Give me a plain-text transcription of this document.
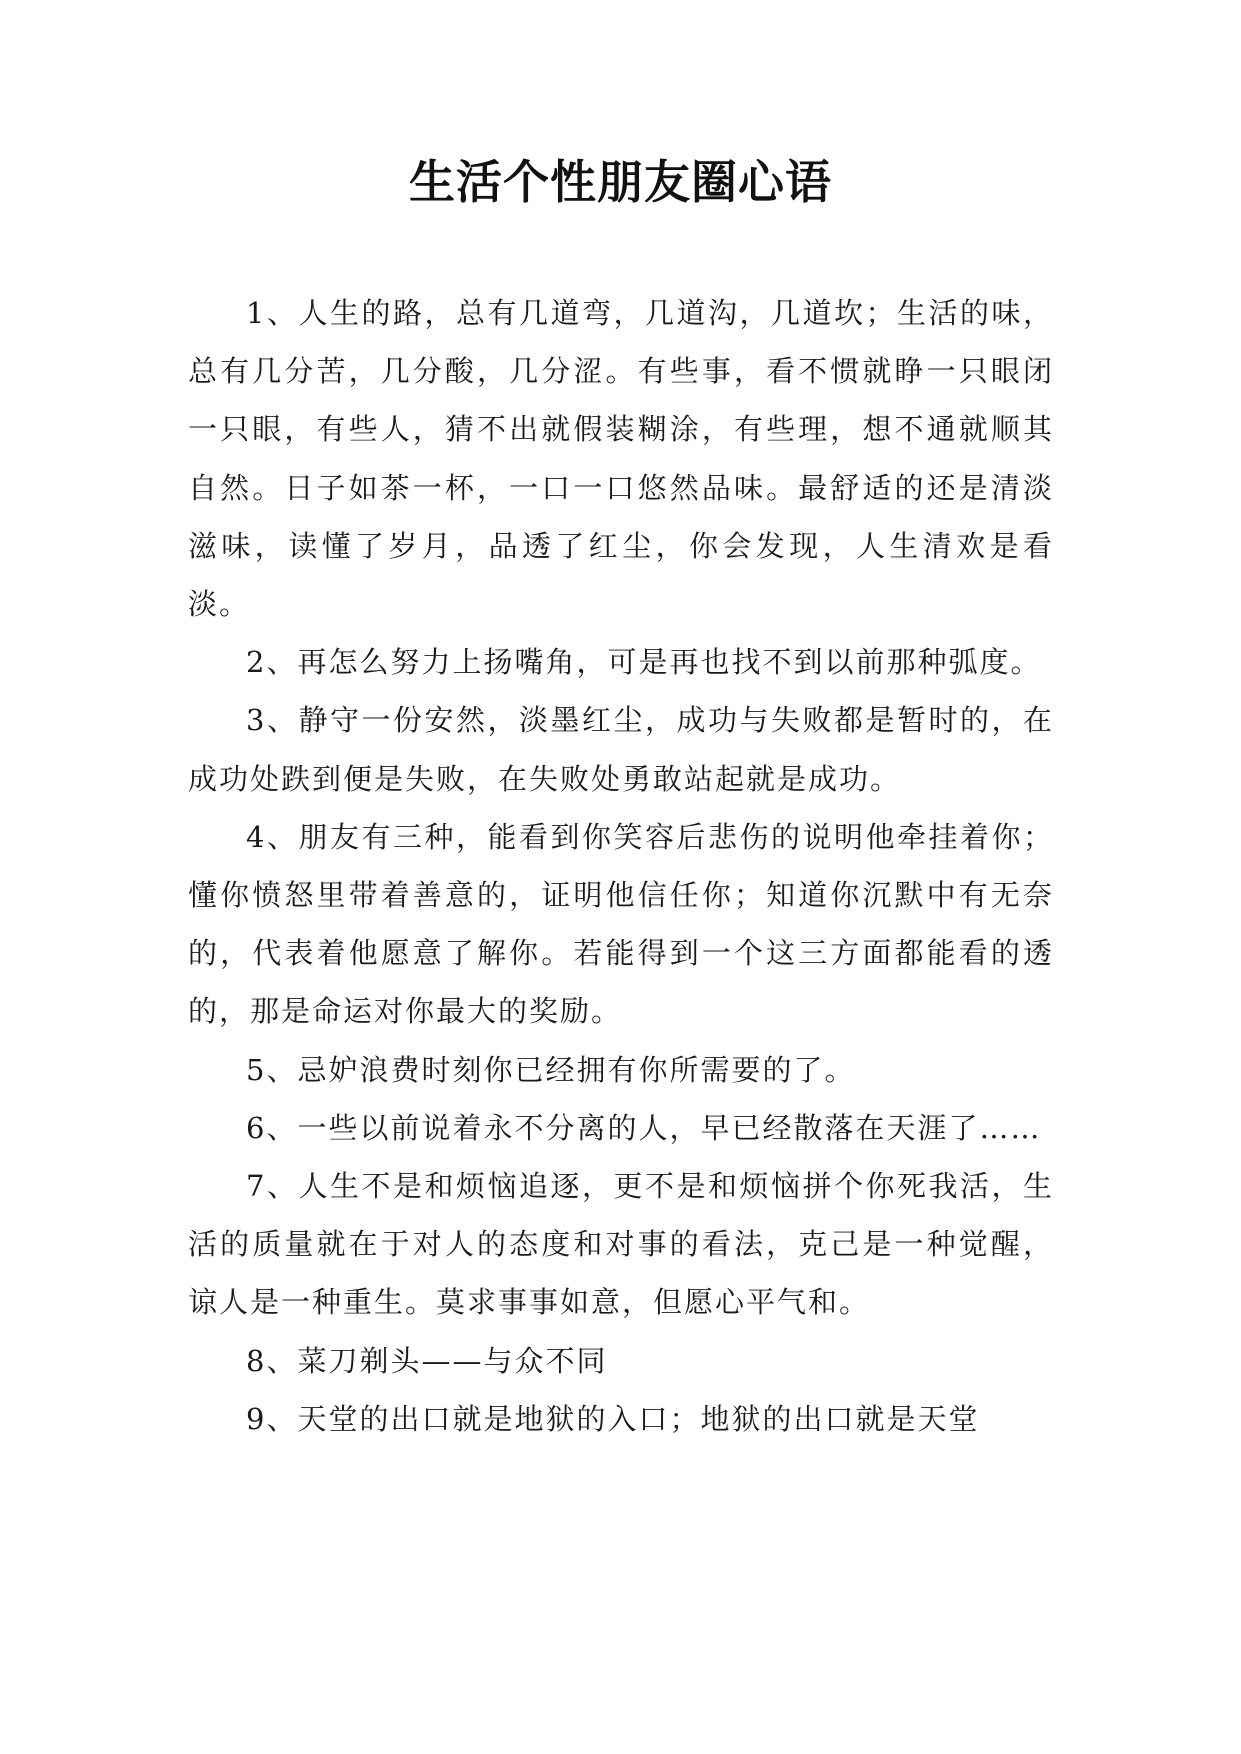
生活个性朋友圈心语

1、人生的路，总有几道弯，几道沟，几道坎；生活的味，总有几分苦，几分酸，几分涩。有些事，看不惯就睁一只眼闭一只眼，有些人，猜不出就假装糊涂，有些理，想不通就顺其自然。日子如茶一杯，一口一口悠然品味。最舒适的还是清淡滋味，读懂了岁月，品透了红尘，你会发现，人生清欢是看淡。

2、再怎么努力上扬嘴角，可是再也找不到以前那种弧度。

3、静守一份安然，淡墨红尘，成功与失败都是暂时的，在成功处跌到便是失败，在失败处勇敢站起就是成功。

4、朋友有三种，能看到你笑容后悲伤的说明他牵挂着你；懂你愤怒里带着善意的，证明他信任你；知道你沉默中有无奈的，代表着他愿意了解你。若能得到一个这三方面都能看的透的，那是命运对你最大的奖励。

5、忌妒浪费时刻你已经拥有你所需要的了。

6、一些以前说着永不分离的人，早已经散落在天涯了……

7、人生不是和烦恼追逐，更不是和烦恼拼个你死我活，生活的质量就在于对人的态度和对事的看法，克己是一种觉醒，谅人是一种重生。莫求事事如意，但愿心平气和。

8、菜刀剃头——与众不同

9、天堂的出口就是地狱的入口；地狱的出口就是天堂
